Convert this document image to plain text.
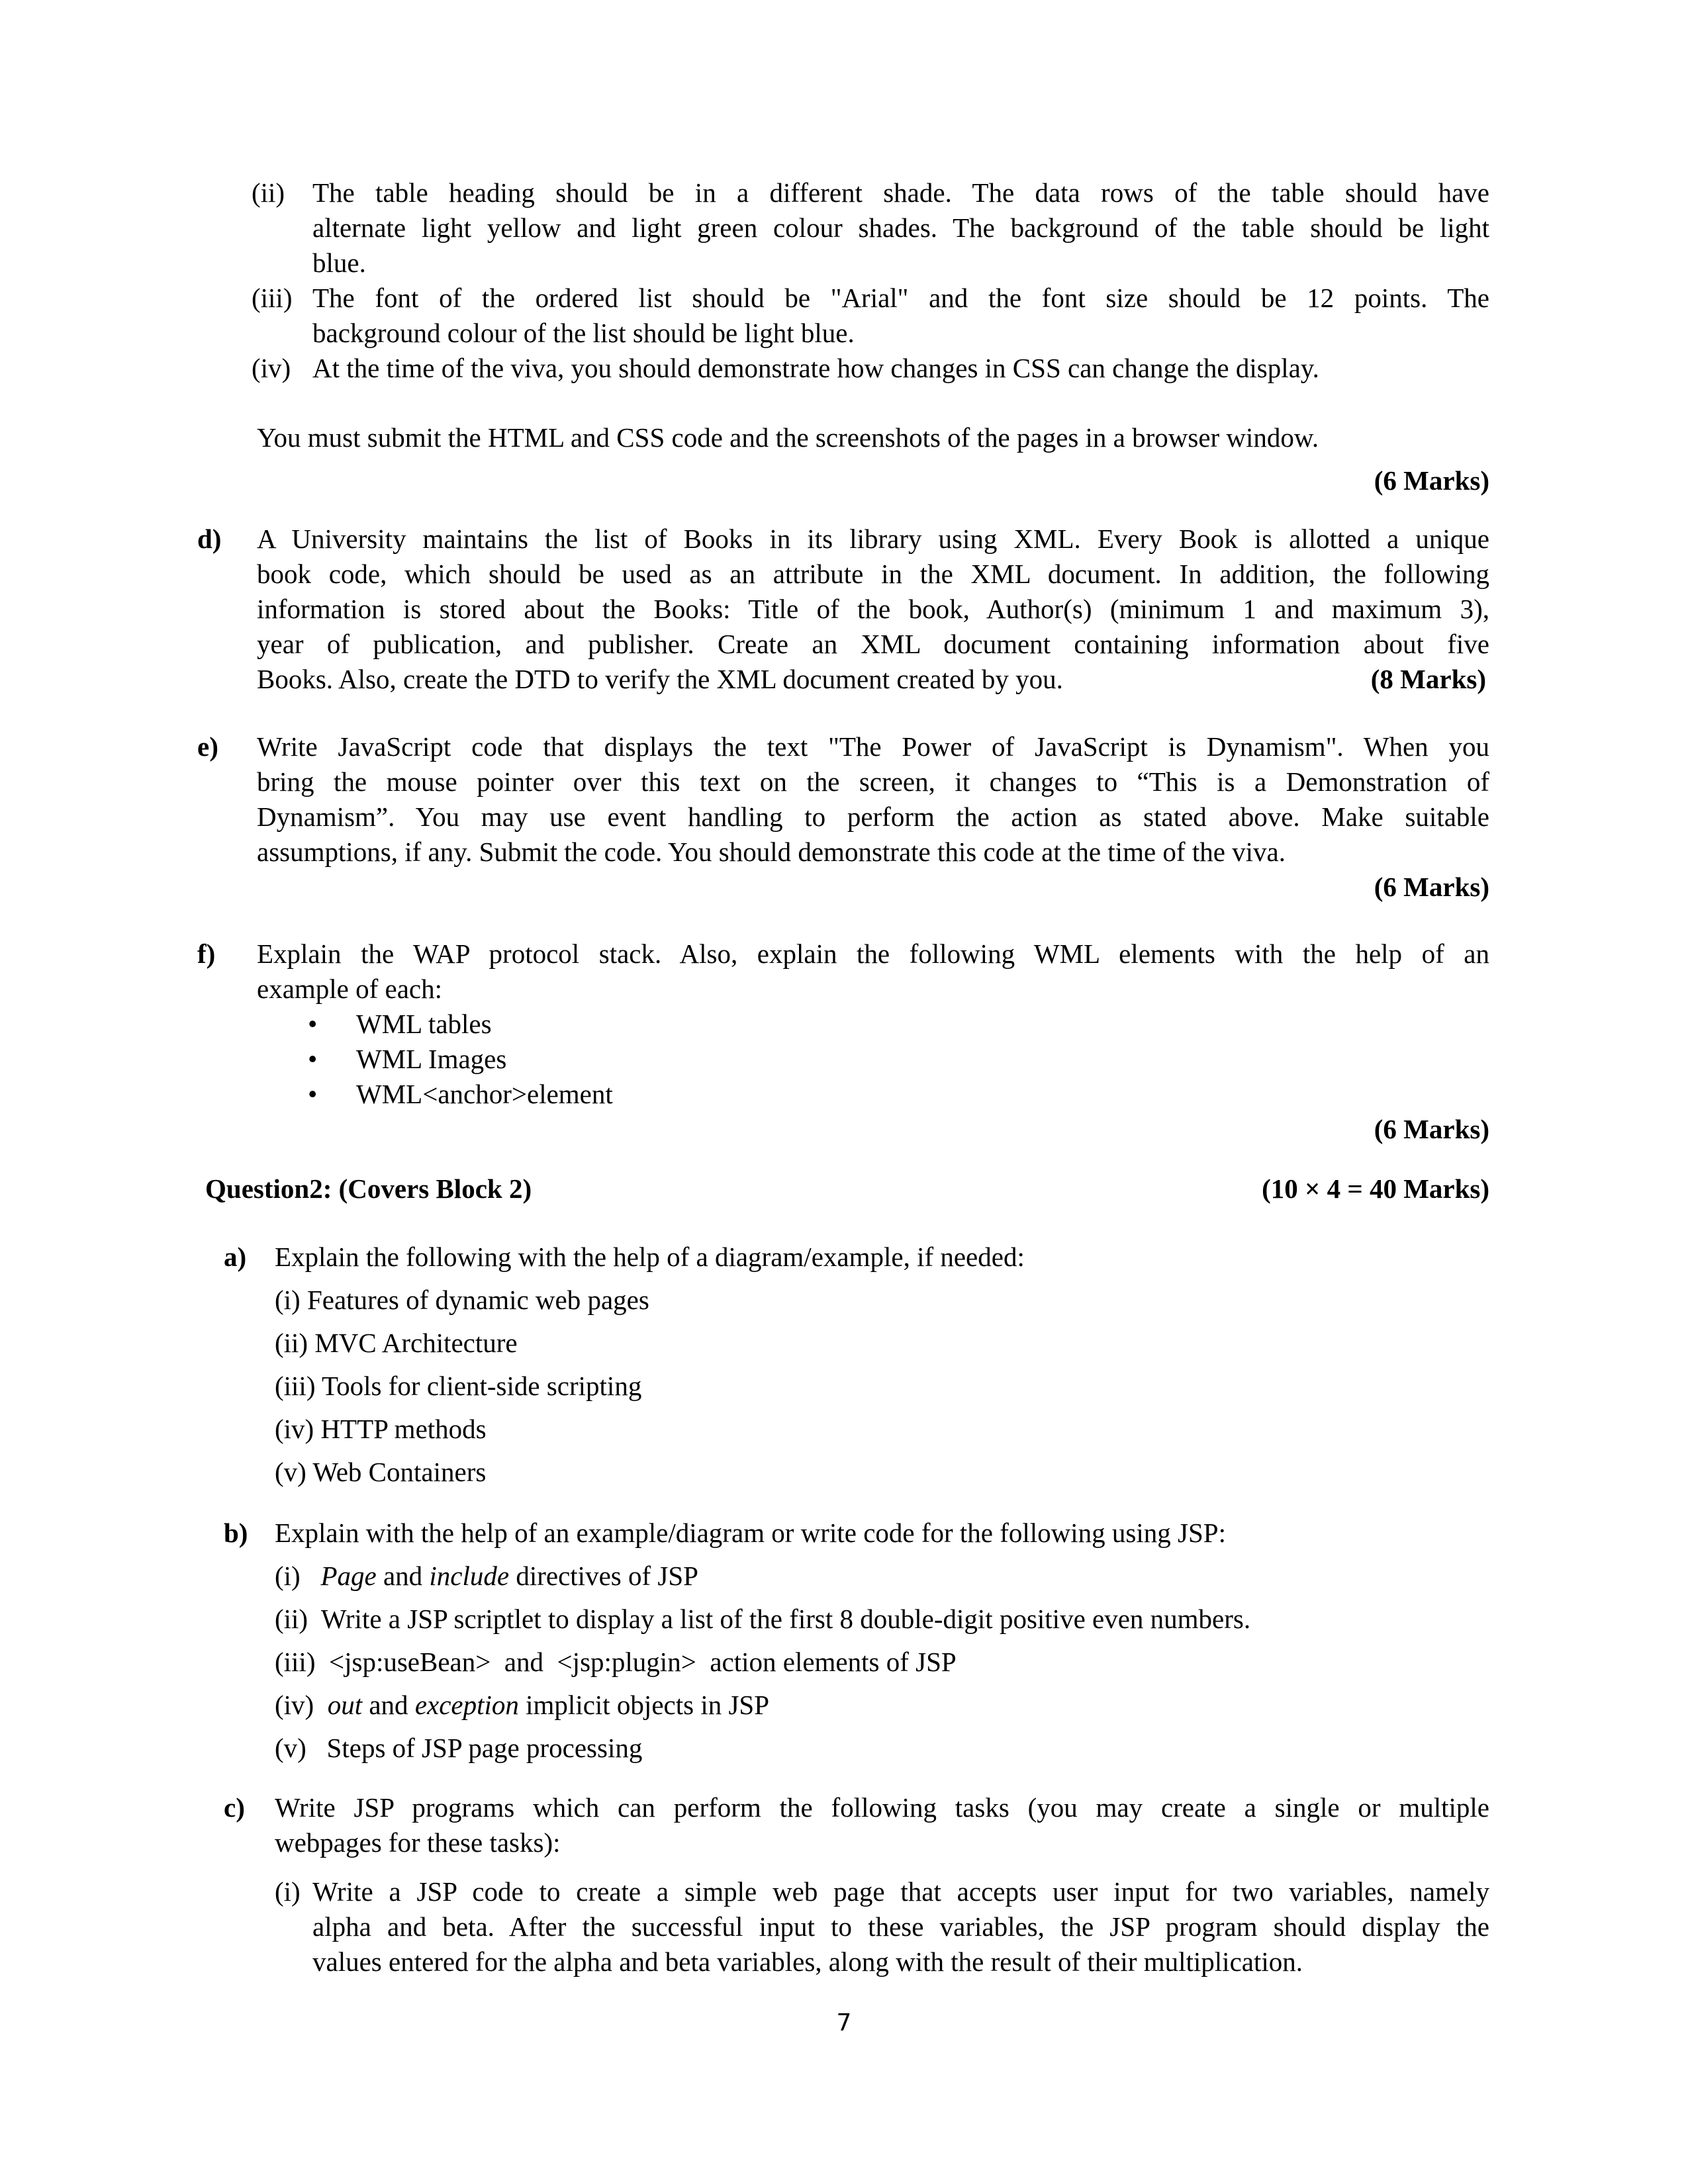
(ii) The table heading should be in a different shade. The data rows of the table should have
alternate light yellow and light green colour shades. The background of the table should be light
blue.
(iii) The font of the ordered list should be "Arial" and the font size should be 12 points. The
background colour of the list should be light blue.
(iv) At the time of the viva, you should demonstrate how changes in CSS can change the display.
You must submit the HTML and CSS code and the screenshots of the pages in a browser window.
(6 Marks)
d) A University maintains the list of Books in its library using XML. Every Book is allotted a unique
book code, which should be used as an attribute in the XML document. In addition, the following
information is stored about the Books: Title of the book, Author(s) (minimum 1 and maximum 3),
year of publication, and publisher. Create an XML document containing information about five
Books. Also, create the DTD to verify the XML document created by you.	(8 Marks)
e) Write JavaScript code that displays the text "The Power of JavaScript is Dynamism". When you
bring the mouse pointer over this text on the screen, it changes to “This is a Demonstration of
Dynamism”. You may use event handling to perform the action as stated above. Make suitable
assumptions, if any. Submit the code. You should demonstrate this code at the time of the viva.
(6 Marks)
f) Explain the WAP protocol stack. Also, explain the following WML elements with the help of an
example of each:
• WML tables
• WML Images
• WML<anchor>element
(6 Marks)
Question2: (Covers Block 2)	(10 × 4 = 40 Marks)
a) Explain the following with the help of a diagram/example, if needed:
(i) Features of dynamic web pages
(ii) MVC Architecture
(iii) Tools for client-side scripting
(iv) HTTP methods
(v) Web Containers
b) Explain with the help of an example/diagram or write code for the following using JSP:
(i) Page and include directives of JSP
(ii)  Write a JSP scriptlet to display a list of the first 8 double-digit positive even numbers.
(iii)  <jsp:useBean>  and  <jsp:plugin>  action elements of JSP
(iv) out and exception implicit objects in JSP
(v)   Steps of JSP page processing
c) Write JSP programs which can perform the following tasks (you may create a single or multiple
webpages for these tasks):
(i) Write a JSP code to create a simple web page that accepts user input for two variables, namely
alpha and beta. After the successful input to these variables, the JSP program should display the
values entered for the alpha and beta variables, along with the result of their multiplication.
7
